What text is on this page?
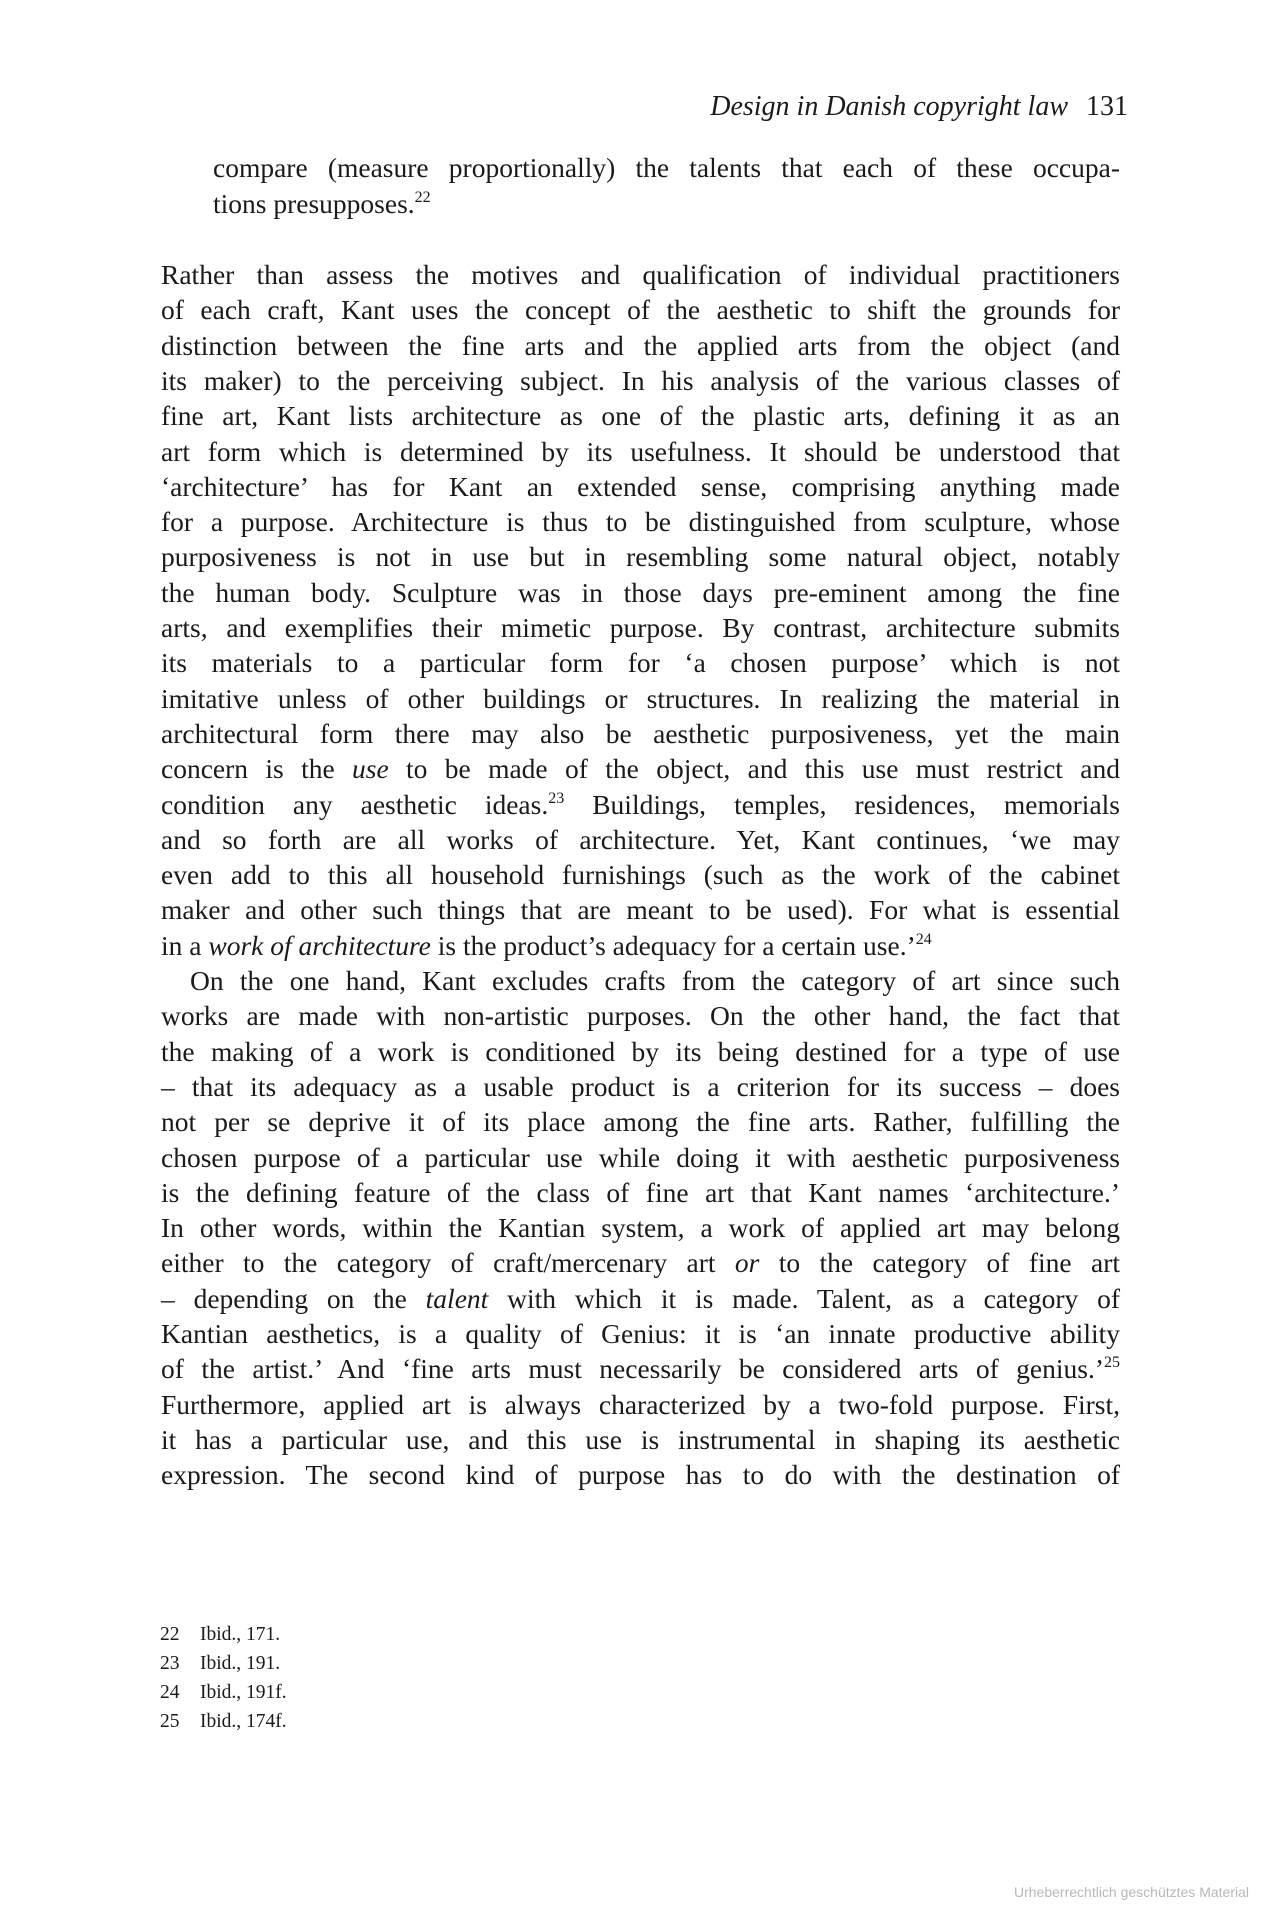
Design in Danish copyright law 131
compare (measure proportionally) the talents that each of these occupa-
tions presupposes.$^{22}$
Rather than assess the motives and qualification of individual practitioners
of each craft, Kant uses the concept of the aesthetic to shift the grounds for
distinction between the fine arts and the applied arts from the object (and
its maker) to the perceiving subject. In his analysis of the various classes of
fine art, Kant lists architecture as one of the plastic arts, defining it as an
art form which is determined by its usefulness. It should be understood that
‘architecture’ has for Kant an extended sense, comprising anything made
for a purpose. Architecture is thus to be distinguished from sculpture, whose
purposiveness is not in use but in resembling some natural object, notably
the human body. Sculpture was in those days pre-eminent among the fine
arts, and exemplifies their mimetic purpose. By contrast, architecture submits
its materials to a particular form for ‘a chosen purpose’ which is not
imitative unless of other buildings or structures. In realizing the material in
architectural form there may also be aesthetic purposiveness, yet the main
concern is the use to be made of the object, and this use must restrict and
condition any aesthetic ideas.$^{23}$ Buildings, temples, residences, memorials
and so forth are all works of architecture. Yet, Kant continues, ‘we may
even add to this all household furnishings (such as the work of the cabinet
maker and other such things that are meant to be used). For what is essential
in a work of architecture is the product’s adequacy for a certain use.’$^{24}$
On the one hand, Kant excludes crafts from the category of art since such
works are made with non-artistic purposes. On the other hand, the fact that
the making of a work is conditioned by its being destined for a type of use
– that its adequacy as a usable product is a criterion for its success – does
not per se deprive it of its place among the fine arts. Rather, fulfilling the
chosen purpose of a particular use while doing it with aesthetic purposiveness
is the defining feature of the class of fine art that Kant names ‘architecture.’
In other words, within the Kantian system, a work of applied art may belong
either to the category of craft/mercenary art or to the category of fine art
– depending on the talent with which it is made. Talent, as a category of
Kantian aesthetics, is a quality of Genius: it is ‘an innate productive ability
of the artist.’ And ‘fine arts must necessarily be considered arts of genius.’$^{25}$
Furthermore, applied art is always characterized by a two-fold purpose. First,
it has a particular use, and this use is instrumental in shaping its aesthetic
expression. The second kind of purpose has to do with the destination of
22 Ibid., 171.
23 Ibid., 191.
24 Ibid., 191f.
25 Ibid., 174f.
Urheberrechtlich geschütztes Material
